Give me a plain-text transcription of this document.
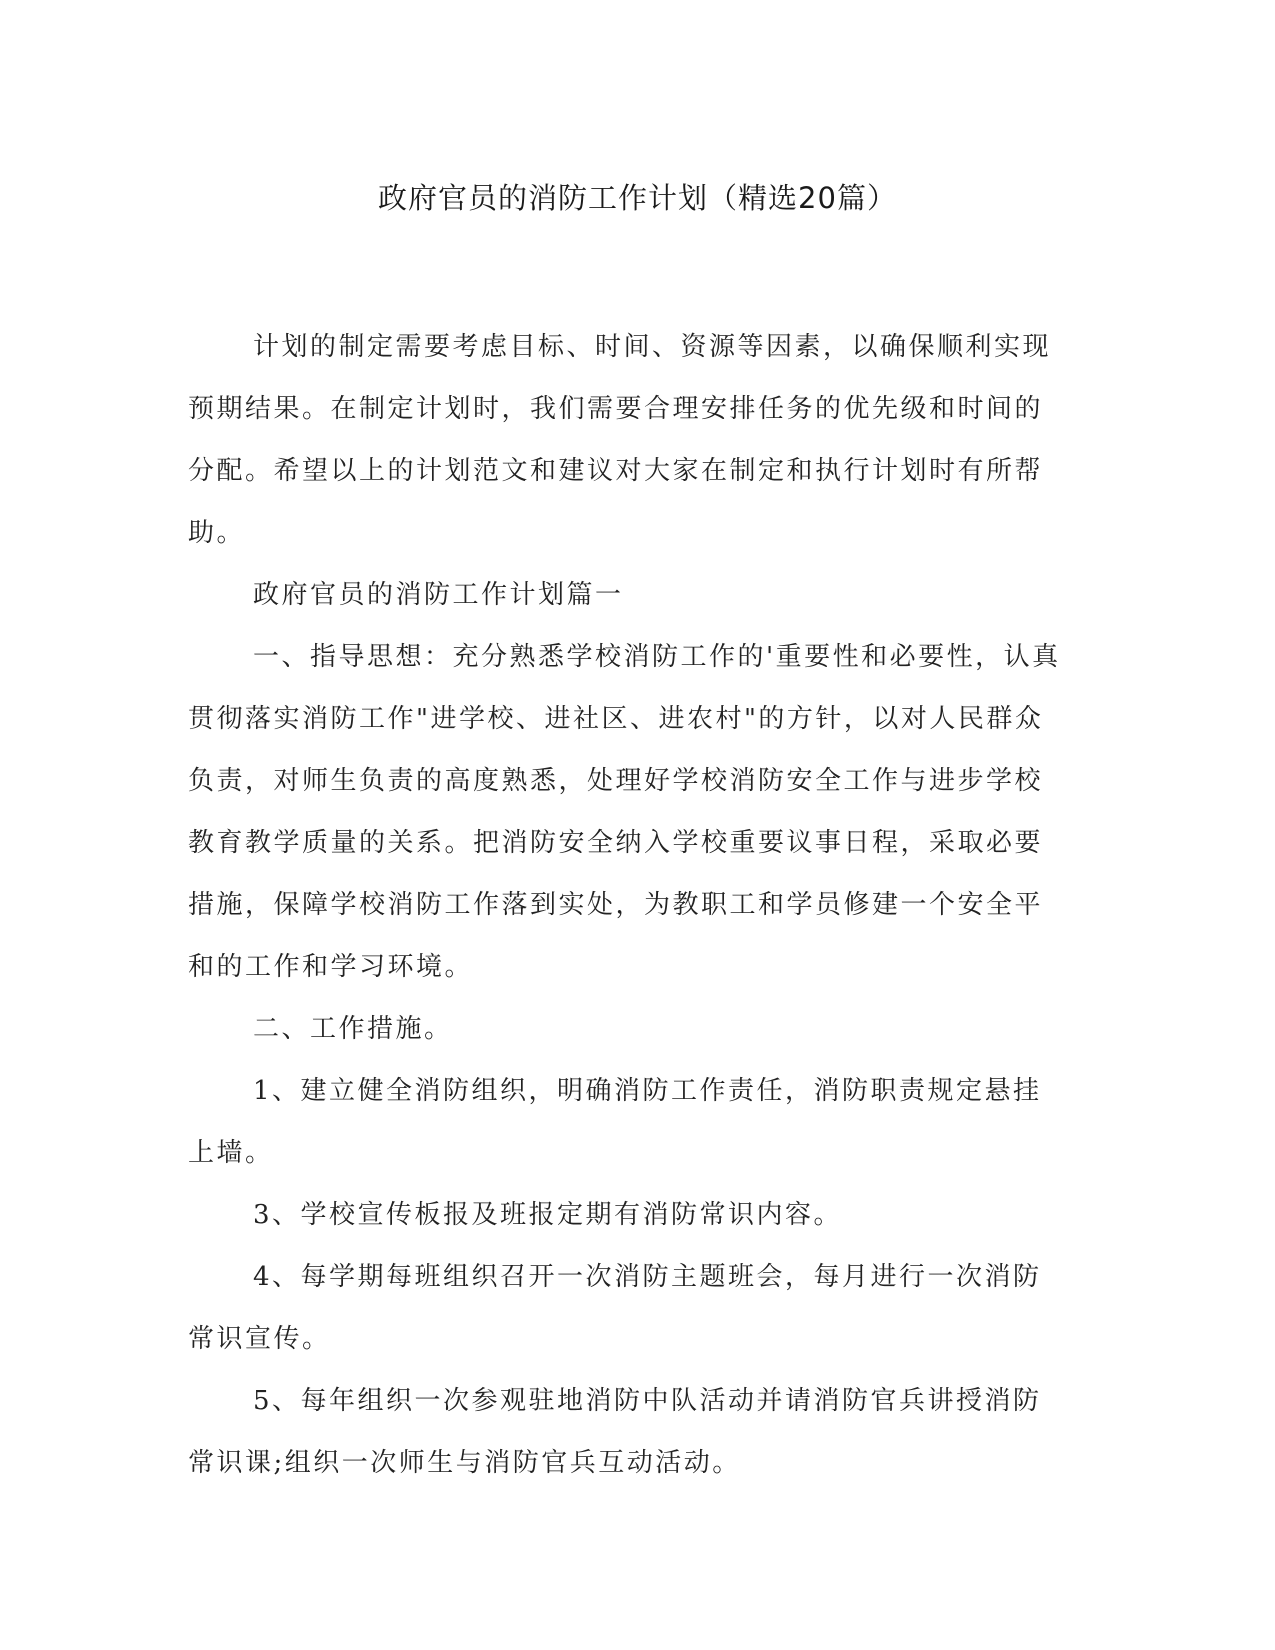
政府官员的消防工作计划（精选20篇）

计划的制定需要考虑目标、时间、资源等因素，以确保顺利实现预期结果。在制定计划时，我们需要合理安排任务的优先级和时间的分配。希望以上的计划范文和建议对大家在制定和执行计划时有所帮助。

政府官员的消防工作计划篇一

一、指导思想：充分熟悉学校消防工作的'重要性和必要性，认真贯彻落实消防工作"进学校、进社区、进农村"的方针，以对人民群众负责，对师生负责的高度熟悉，处理好学校消防安全工作与进步学校教育教学质量的关系。把消防安全纳入学校重要议事日程，采取必要措施，保障学校消防工作落到实处，为教职工和学员修建一个安全平和的工作和学习环境。

二、工作措施。

1、建立健全消防组织，明确消防工作责任，消防职责规定悬挂上墙。

3、学校宣传板报及班报定期有消防常识内容。

4、每学期每班组织召开一次消防主题班会，每月进行一次消防常识宣传。

5、每年组织一次参观驻地消防中队活动并请消防官兵讲授消防常识课;组织一次师生与消防官兵互动活动。
